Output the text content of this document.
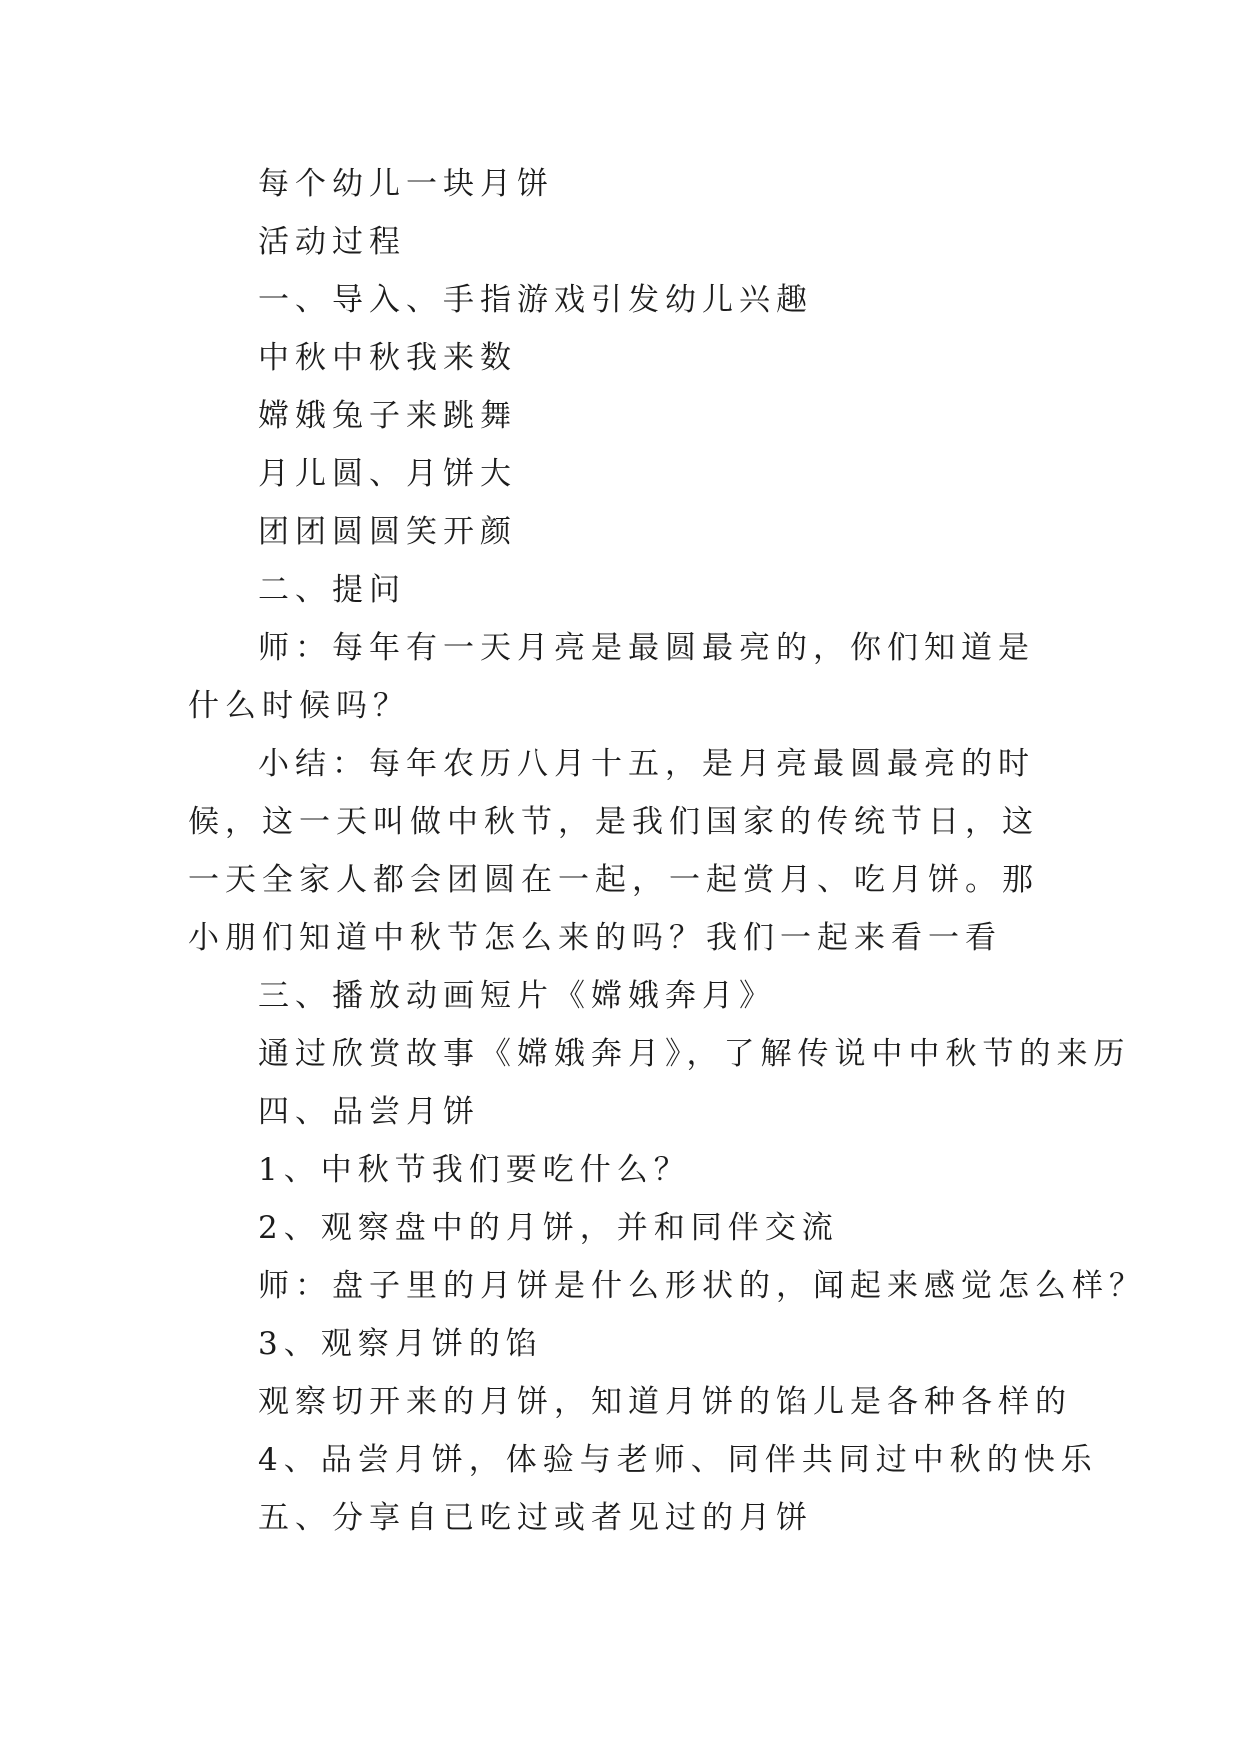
每个幼儿一块月饼

活动过程

一、导入、手指游戏引发幼儿兴趣

中秋中秋我来数

嫦娥兔子来跳舞

月儿圆、月饼大

团团圆圆笑开颜

二、提问

师：每年有一天月亮是最圆最亮的，你们知道是什么时候吗？

小结：每年农历八月十五，是月亮最圆最亮的时候，这一天叫做中秋节，是我们国家的传统节日，这一天全家人都会团圆在一起，一起赏月、吃月饼。那小朋们知道中秋节怎么来的吗？我们一起来看一看

三、播放动画短片《嫦娥奔月》

通过欣赏故事《嫦娥奔月》，了解传说中中秋节的来历

四、品尝月饼

1、中秋节我们要吃什么？

2、观察盘中的月饼，并和同伴交流

师：盘子里的月饼是什么形状的，闻起来感觉怎么样？

3、观察月饼的馅

观察切开来的月饼，知道月饼的馅儿是各种各样的

4、品尝月饼，体验与老师、同伴共同过中秋的快乐

五、分享自已吃过或者见过的月饼
